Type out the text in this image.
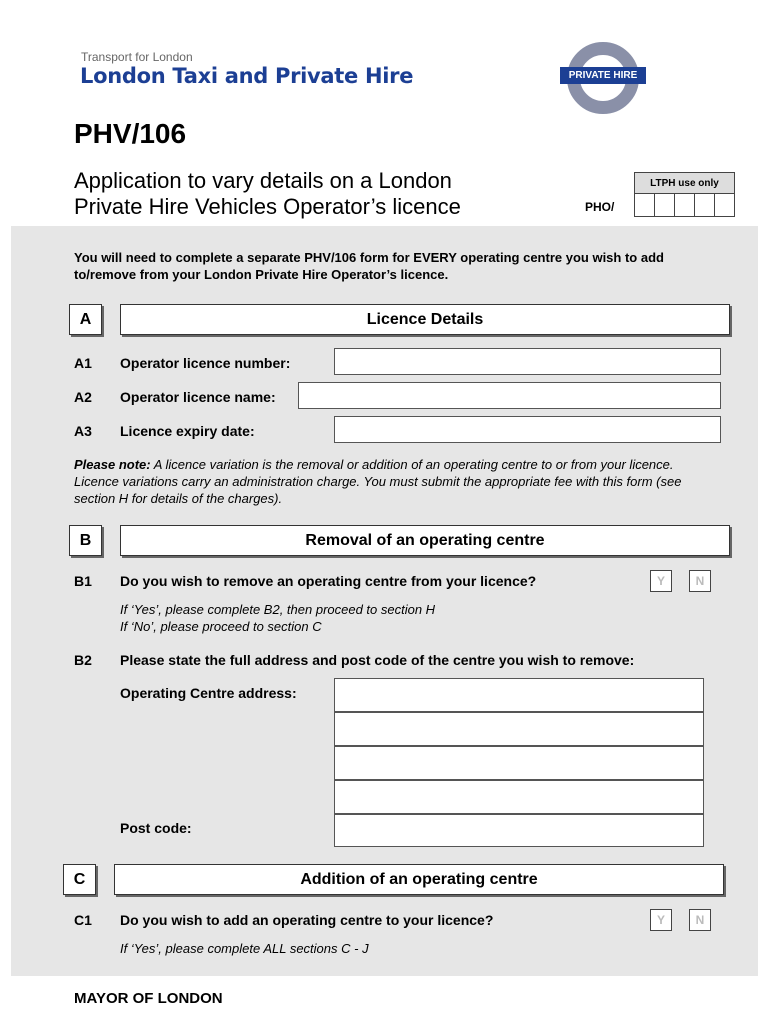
Transport for London
London Taxi and Private Hire	PRIVATE HIRE
PHV/106
Application to vary details on a London
Private Hire Vehicles Operator’s licence	PHO/
LTPH use only
You will need to complete a separate PHV/106 form for EVERY operating centre you wish to add to/remove from your London Private Hire Operator’s licence.
A	Licence Details
A1 Operator licence number:
A2 Operator licence name:
A3 Licence expiry date:
Please note: A licence variation is the removal or addition of an operating centre to or from your licence. Licence variations carry an administration charge. You must submit the appropriate fee with this form (see section H for details of the charges).
B	Removal of an operating centre
B1 Do you wish to remove an operating centre from your licence?	Y	N
If ‘Yes’, please complete B2, then proceed to section H
If ‘No’, please proceed to section C
B2 Please state the full address and post code of the centre you wish to remove:
Operating Centre address:
Post code:
C	Addition of an operating centre
C1 Do you wish to add an operating centre to your licence?	Y	N
If ‘Yes’, please complete ALL sections C - J
MAYOR OF LONDON
